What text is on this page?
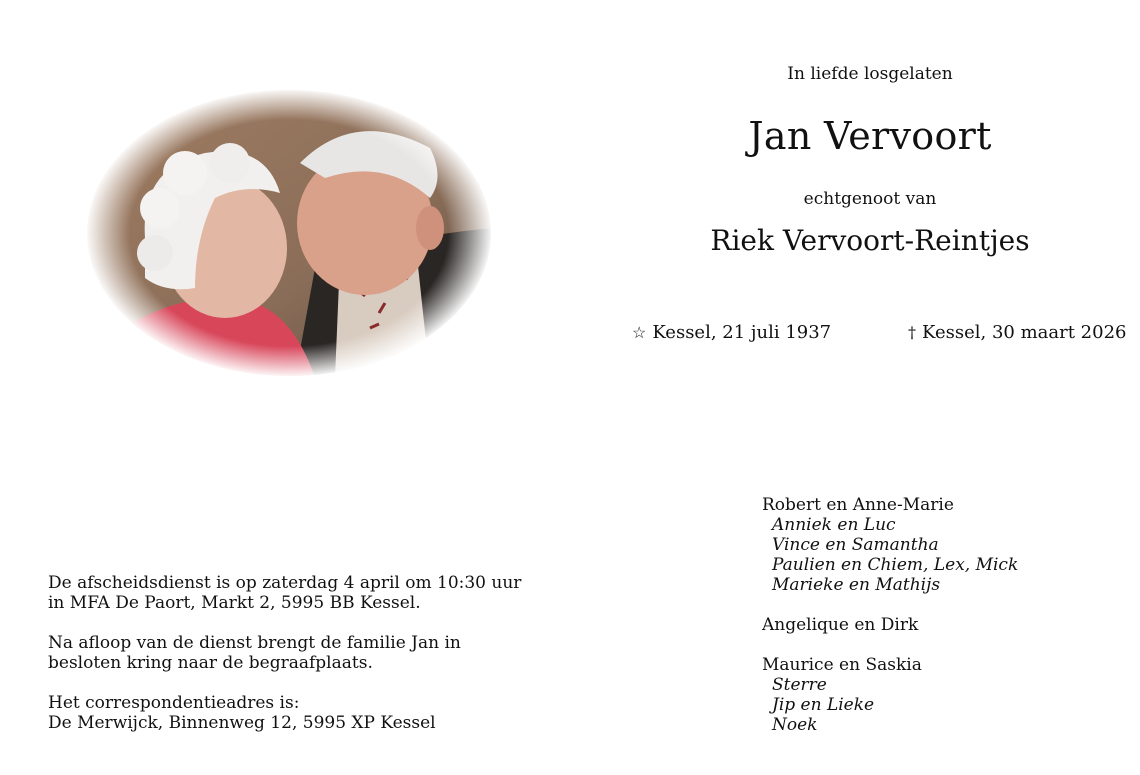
In liefde losgelaten
Jan Vervoort
echtgenoot van
Riek Vervoort-Reintjes
☆ Kessel, 21 juli 1937	† Kessel, 30 maart 2026

De afscheidsdienst is op zaterdag 4 april om 10:30 uur
in MFA De Paort, Markt 2, 5995 BB Kessel.

Na afloop van de dienst brengt de familie Jan in
besloten kring naar de begraafplaats.

Het correspondentieadres is:
De Merwijck, Binnenweg 12, 5995 XP Kessel

Robert en Anne-Marie
Anniek en Luc
Vince en Samantha
Paulien en Chiem, Lex, Mick
Marieke en Mathijs
Angelique en Dirk
Maurice en Saskia
Sterre
Jip en Lieke
Noek
